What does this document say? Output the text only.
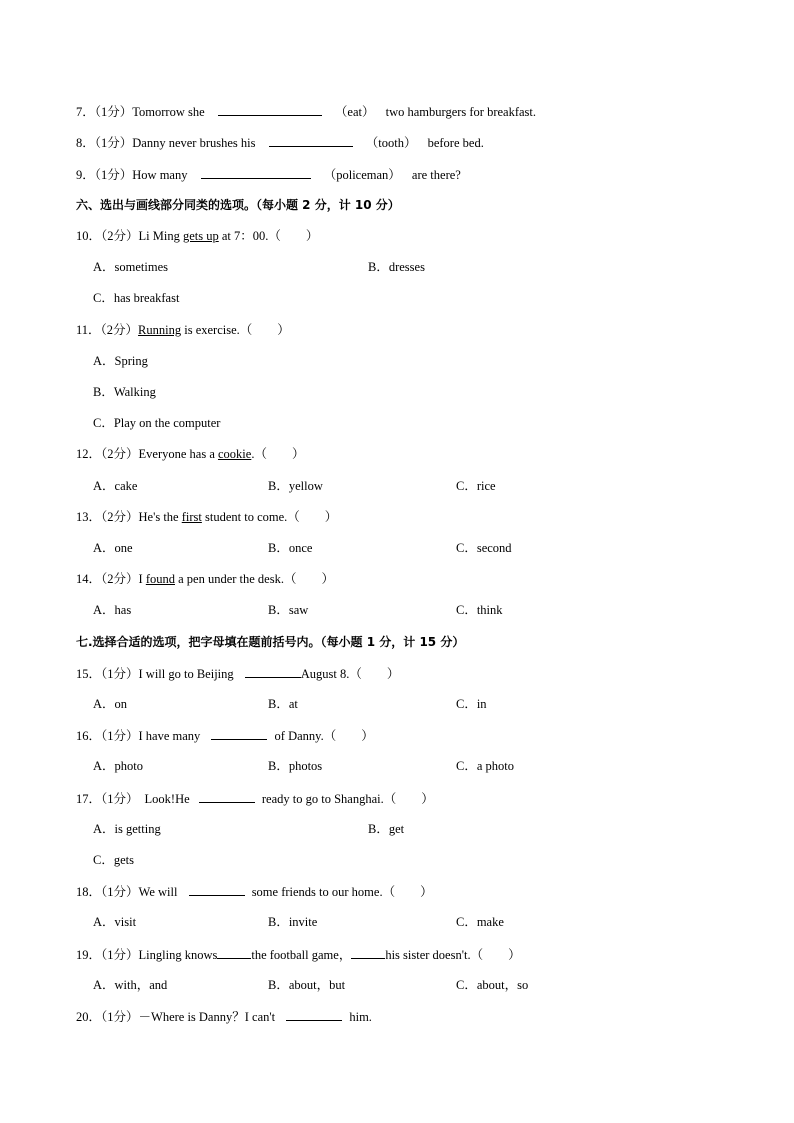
7．（1分）Tomorrow she	（eat） two hamburgers for breakfast.
8．（1分）Danny never brushes his	（tooth） before bed.
9．（1分）How many	（policeman） are there?
六、选出与画线部分同类的选项。（每小题 2 分，计 10 分）
10．（2分）Li Ming gets up at 7：00.（　　）
A．sometimes	B．dresses
C．has breakfast
11．（2分）Running is exercise.（　　）
A．Spring
B．Walking
C．Play on the computer
12．（2分）Everyone has a cookie.（　　）
A．cake	B．yellow	C．rice
13．（2分）He's the first student to come.（　　）
A．one	B．once	C．second
14．（2分）I found a pen under the desk.（　　）
A．has	B．saw	C．think
七.选择合适的选项，把字母填在题前括号内。（每小题 1 分，计 15 分）
15．（1分）I will go to Beijing	August 8.（　　）
A．on	B．at	C．in
16．（1分）I have many	of Danny.（　　）
A．photo	B．photos	C．a photo
17．（1分） Look!He	ready to go to Shanghai.（　　）
A．is getting	B．get
C．gets
18．（1分）We will	some friends to our home.（　　）
A．visit	B．invite	C．make
19．（1分）Lingling knows	the football game，	his sister doesn't.（　　）
A．with，and	B．about，but	C．about，so
20．（1分）－Where is Danny？I can't	him.
